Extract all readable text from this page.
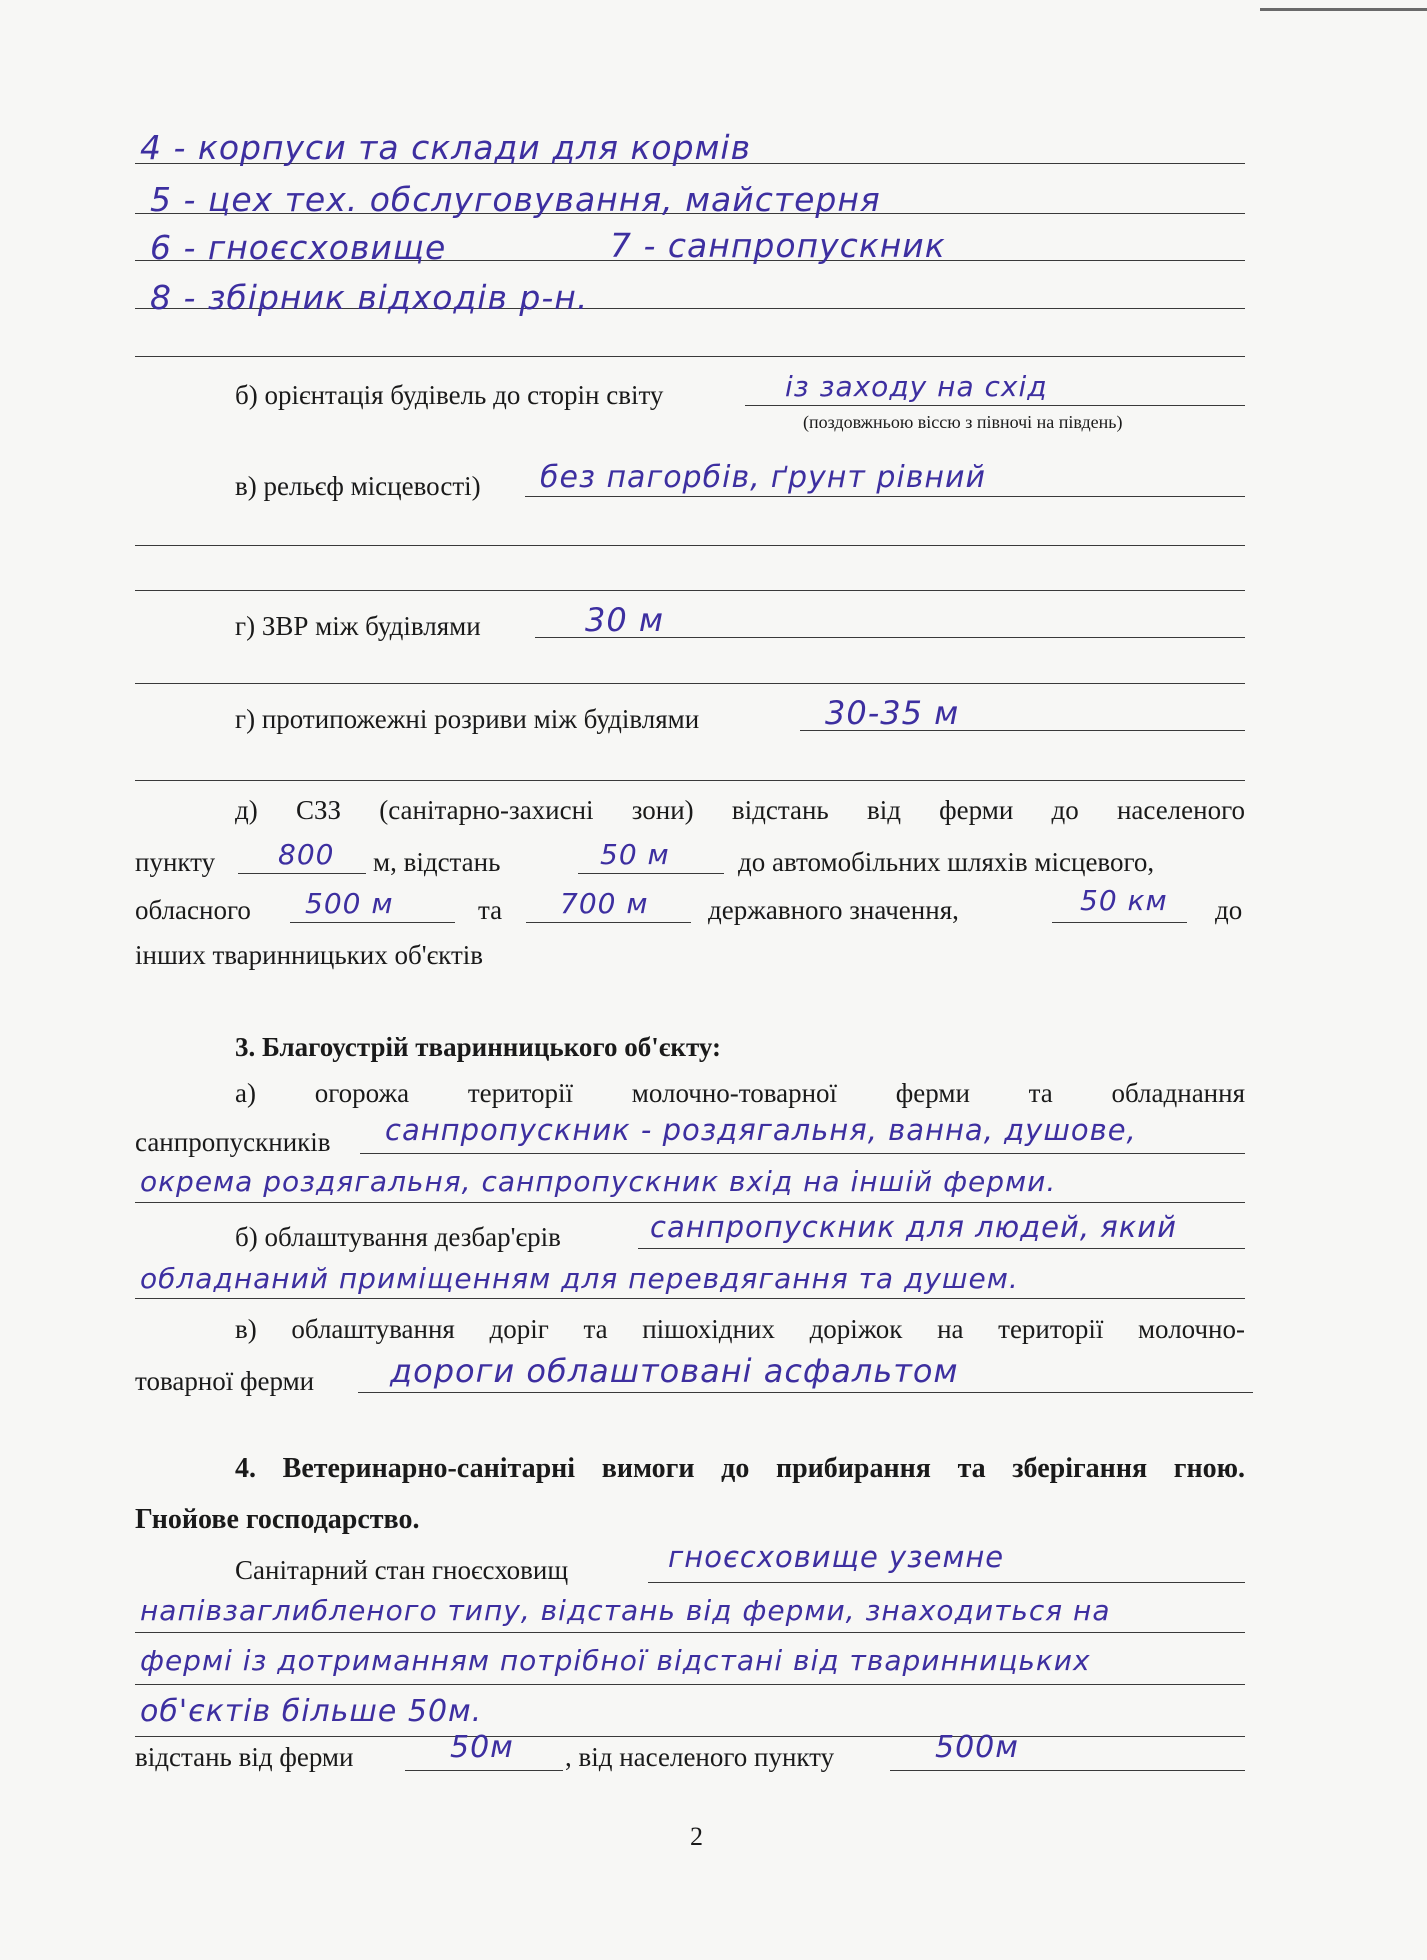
4 - корпуси та склади для кормів
5 - цех тех. обслуговування, майстерня
6 - гноєсховище	7 - санпропускник
8 - збірник відходів р-н.
б) орієнтація будівель до сторін світу	із заходу на схід
(поздовжньою віссю з півночі на південь)
в) рельєф місцевості) без пагорбів, ґрунт рівний
г) ЗВР між будівлями	30 м
г) протипожежні розриви між будівлями	30-35 м
д) СЗЗ (санітарно-захисні зони) відстань від ферми до населеного
пункту 800 м, відстань	50 м	до автомобільних шляхів місцевого,
обласного 500 м	та 700 м державного значення,	50 км до
інших тваринницьких об'єктів
3. Благоустрій тваринницького об'єкту:
а) огорожа території молочно-товарної ферми та обладнання
санпропускників санпропускник - роздягальня, ванна, душове,
окрема роздягальня, санпропускник вхід на іншій ферми.
б) облаштування дезбар'єрів	санпропускник для людей, який
обладнаний приміщенням для перевдягання та душем.
в) облаштування доріг та пішохідних доріжок на території молочно-
товарної ферми дороги облаштовані асфальтом
4. Ветеринарно-санітарні вимоги до прибирання та зберігання гною.
Гнойове господарство.
Санітарний стан гноєсховищ	гноєсховище уземне
напівзаглибленого типу, відстань від ферми, знаходиться на
фермі із дотриманням потрібної відстані від тваринницьких
об'єктів більше 50м.
відстань від ферми	50м , від населеного пункту	500м
2
